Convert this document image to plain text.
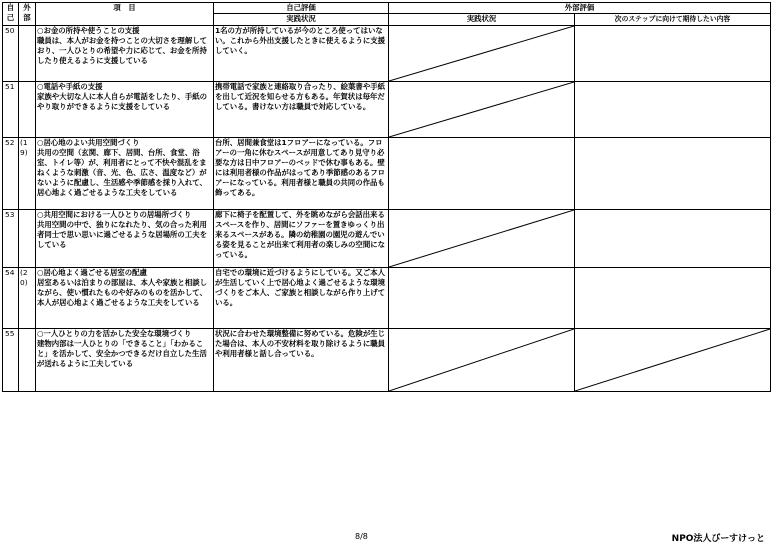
自己	外部	項　目	自己評価	外部評価	
			実践状況	実践状況	次のステップに向けて期待したい内容
50		○お金の所持や使うことの支援
職員は、本人がお金を持つことの大切さを理解しており、一人ひとりの希望や力に応じて、お金を所持したり使えるように支援している	1名の方が所持しているが今のところ使ってはいない。これから外出支援したときに使えるように支援していく。	

51		○電話や手紙の支援
家族や大切な人に本人自らが電話をしたり、手紙のやり取りができるように支援をしている	携帯電話で家族と連絡取り合ったり、絵葉書や手紙を出して近況を知らせる方もある。年賀状は毎年だしている。書けない方は職員で対応している。	

52	(19)	○居心地のよい共用空間づくり
共用の空間（玄関、廊下、居間、台所、食堂、浴室、トイレ等）が、利用者にとって不快や混乱をまねくような刺激（音、光、色、広さ、温度など）がないように配慮し、生活感や季節感を採り入れて、居心地よく過ごせるような工夫をしている	台所、居間兼食堂は1フロアーになっている。フロアーの一角に休むスペースが用意してあり見守り必要な方は日中フロアーのベッドで休む事もある。壁には利用者様の作品がはってあり季節感のあるフロアーになっている。利用者様と職員の共同の作品も飾ってある。		
53		○共用空間における一人ひとりの居場所づくり
共用空間の中で、独りになれたり、気の合った利用者同士で思い思いに過ごせるような居場所の工夫をしている	廊下に椅子を配置して、外を眺めながら会話出来るスペースを作り、居間にソファーを置きゆっくり出来るスペースがある。隣の幼稚園の園児の遊んでいる姿を見ることが出来て利用者の楽しみの空間になっている。	

54	(20)	○居心地よく過ごせる居室の配慮
居室あるいは泊まりの部屋は、本人や家族と相談しながら、使い慣れたものや好みのものを活かして、本人が居心地よく過ごせるような工夫をしている	自宅での環境に近づけるようにしている。又ご本人が生活していく上で居心地よく過ごせるような環境づくりをご本人、ご家族と相談しながら作り上げている。		
55		○一人ひとりの力を活かした安全な環境づくり
建物内部は一人ひとりの「できること」「わかること」を活かして、安全かつできるだけ自立した生活が送れるように工夫している	状況に合わせた環境整備に努めている。危険が生じた場合は、本人の不安材料を取り除けるように職員や利用者様と話し合っている。	

8/8	NPO法人びーすけっと
